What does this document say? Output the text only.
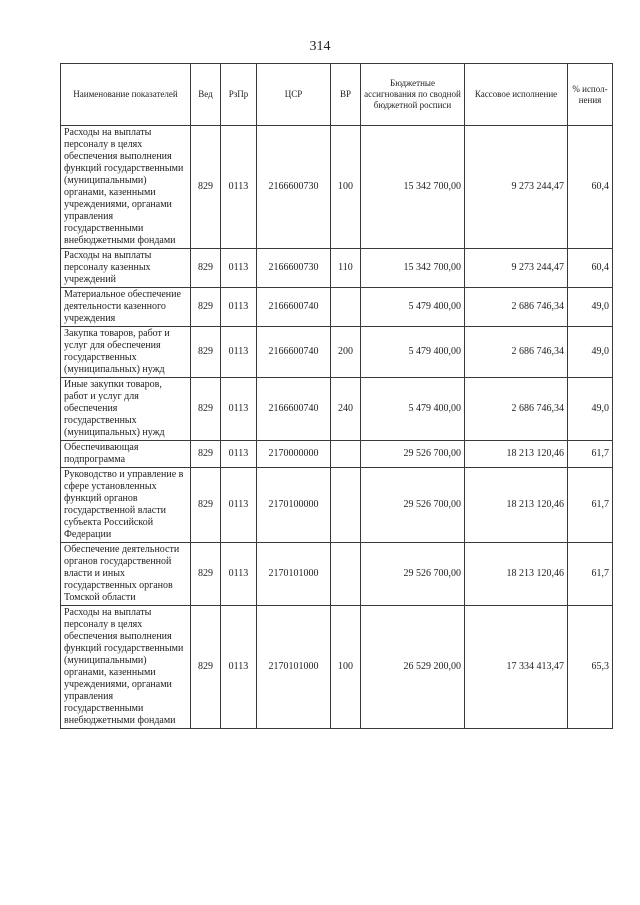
314
Наименование показателей	Вед	РзПр	ЦСР	ВР	Бюджетные ассигнования по сводной бюджетной росписи	Кассовое исполнение	% испол-нения
Расходы на выплаты персоналу в целях обеспечения выполнения функций государственными (муниципальными) органами, казенными учреждениями, органами управления государственными внебюджетными фондами	829	0113	2166600730	100	15 342 700,00	9 273 244,47	60,4
Расходы на выплаты персоналу казенных учреждений	829	0113	2166600730	110	15 342 700,00	9 273 244,47	60,4
Материальное обеспечение деятельности казенного учреждения	829	0113	2166600740		5 479 400,00	2 686 746,34	49,0
Закупка товаров, работ и услуг для обеспечения государственных (муниципальных) нужд	829	0113	2166600740	200	5 479 400,00	2 686 746,34	49,0
Иные закупки товаров, работ и услуг для обеспечения государственных (муниципальных) нужд	829	0113	2166600740	240	5 479 400,00	2 686 746,34	49,0
Обеспечивающая подпрограмма	829	0113	2170000000		29 526 700,00	18 213 120,46	61,7
Руководство и управление в сфере установленных функций органов государственной власти субъекта Российской Федерации	829	0113	2170100000		29 526 700,00	18 213 120,46	61,7
Обеспечение деятельности органов государственной власти и иных государственных органов Томской области	829	0113	2170101000		29 526 700,00	18 213 120,46	61,7
Расходы на выплаты персоналу в целях обеспечения выполнения функций государственными (муниципальными) органами, казенными учреждениями, органами управления государственными внебюджетными фондами	829	0113	2170101000	100	26 529 200,00	17 334 413,47	65,3
